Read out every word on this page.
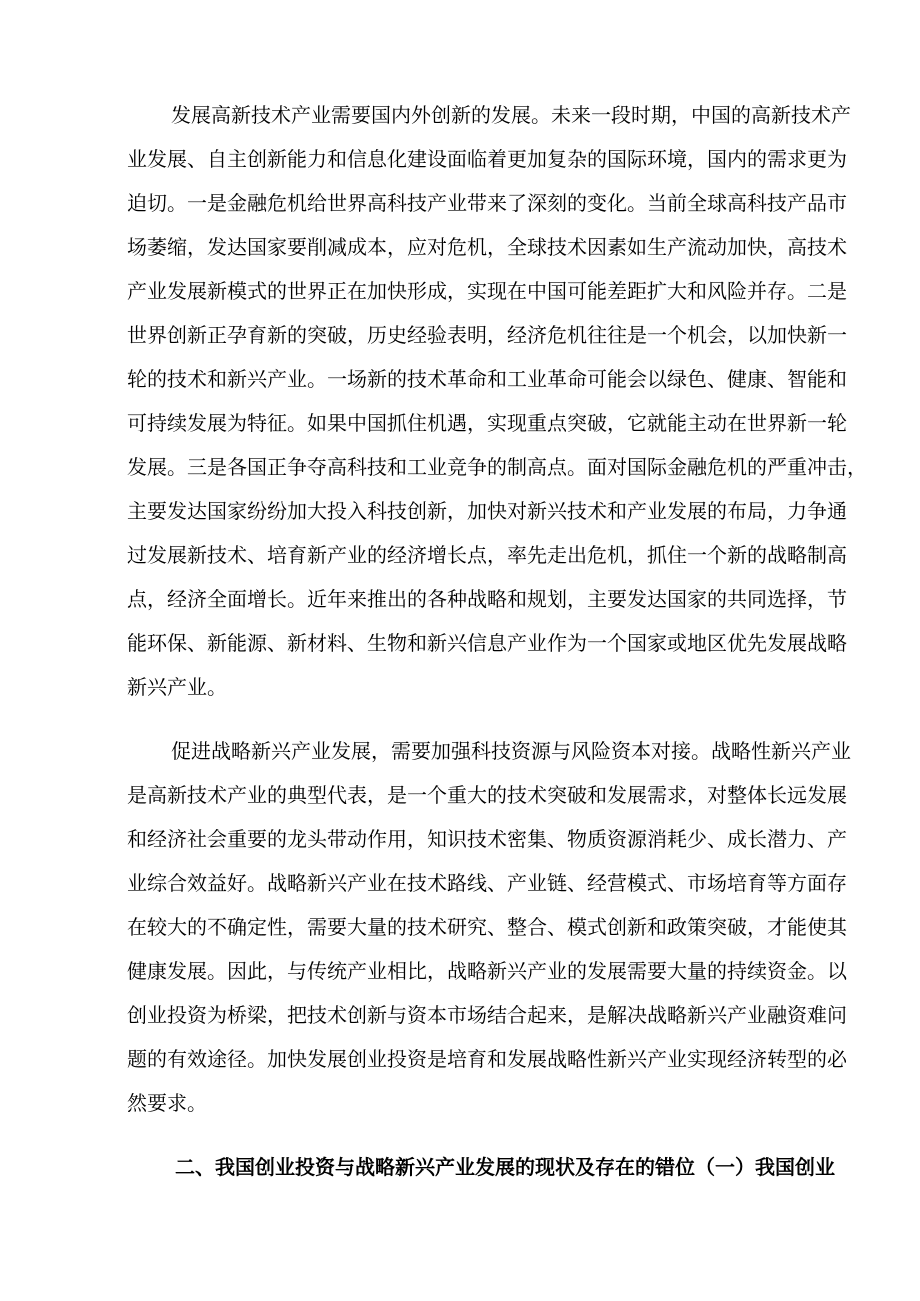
发展高新技术产业需要国内外创新的发展。未来一段时期，中国的高新技术产
业发展、自主创新能力和信息化建设面临着更加复杂的国际环境，国内的需求更为
迫切。一是金融危机给世界高科技产业带来了深刻的变化。当前全球高科技产品市
场萎缩，发达国家要削减成本，应对危机，全球技术因素如生产流动加快，高技术
产业发展新模式的世界正在加快形成，实现在中国可能差距扩大和风险并存。二是
世界创新正孕育新的突破，历史经验表明，经济危机往往是一个机会，以加快新一
轮的技术和新兴产业。一场新的技术革命和工业革命可能会以绿色、健康、智能和
可持续发展为特征。如果中国抓住机遇，实现重点突破，它就能主动在世界新一轮
发展。三是各国正争夺高科技和工业竞争的制高点。面对国际金融危机的严重冲击，
主要发达国家纷纷加大投入科技创新，加快对新兴技术和产业发展的布局，力争通
过发展新技术、培育新产业的经济增长点，率先走出危机，抓住一个新的战略制高
点，经济全面增长。近年来推出的各种战略和规划，主要发达国家的共同选择，节
能环保、新能源、新材料、生物和新兴信息产业作为一个国家或地区优先发展战略
新兴产业。
促进战略新兴产业发展，需要加强科技资源与风险资本对接。战略性新兴产业
是高新技术产业的典型代表，是一个重大的技术突破和发展需求，对整体长远发展
和经济社会重要的龙头带动作用，知识技术密集、物质资源消耗少、成长潜力、产
业综合效益好。战略新兴产业在技术路线、产业链、经营模式、市场培育等方面存
在较大的不确定性，需要大量的技术研究、整合、模式创新和政策突破，才能使其
健康发展。因此，与传统产业相比，战略新兴产业的发展需要大量的持续资金。以
创业投资为桥梁，把技术创新与资本市场结合起来，是解决战略新兴产业融资难问
题的有效途径。加快发展创业投资是培育和发展战略性新兴产业实现经济转型的必
然要求。
二、我国创业投资与战略新兴产业发展的现状及存在的错位（一）我国创业
